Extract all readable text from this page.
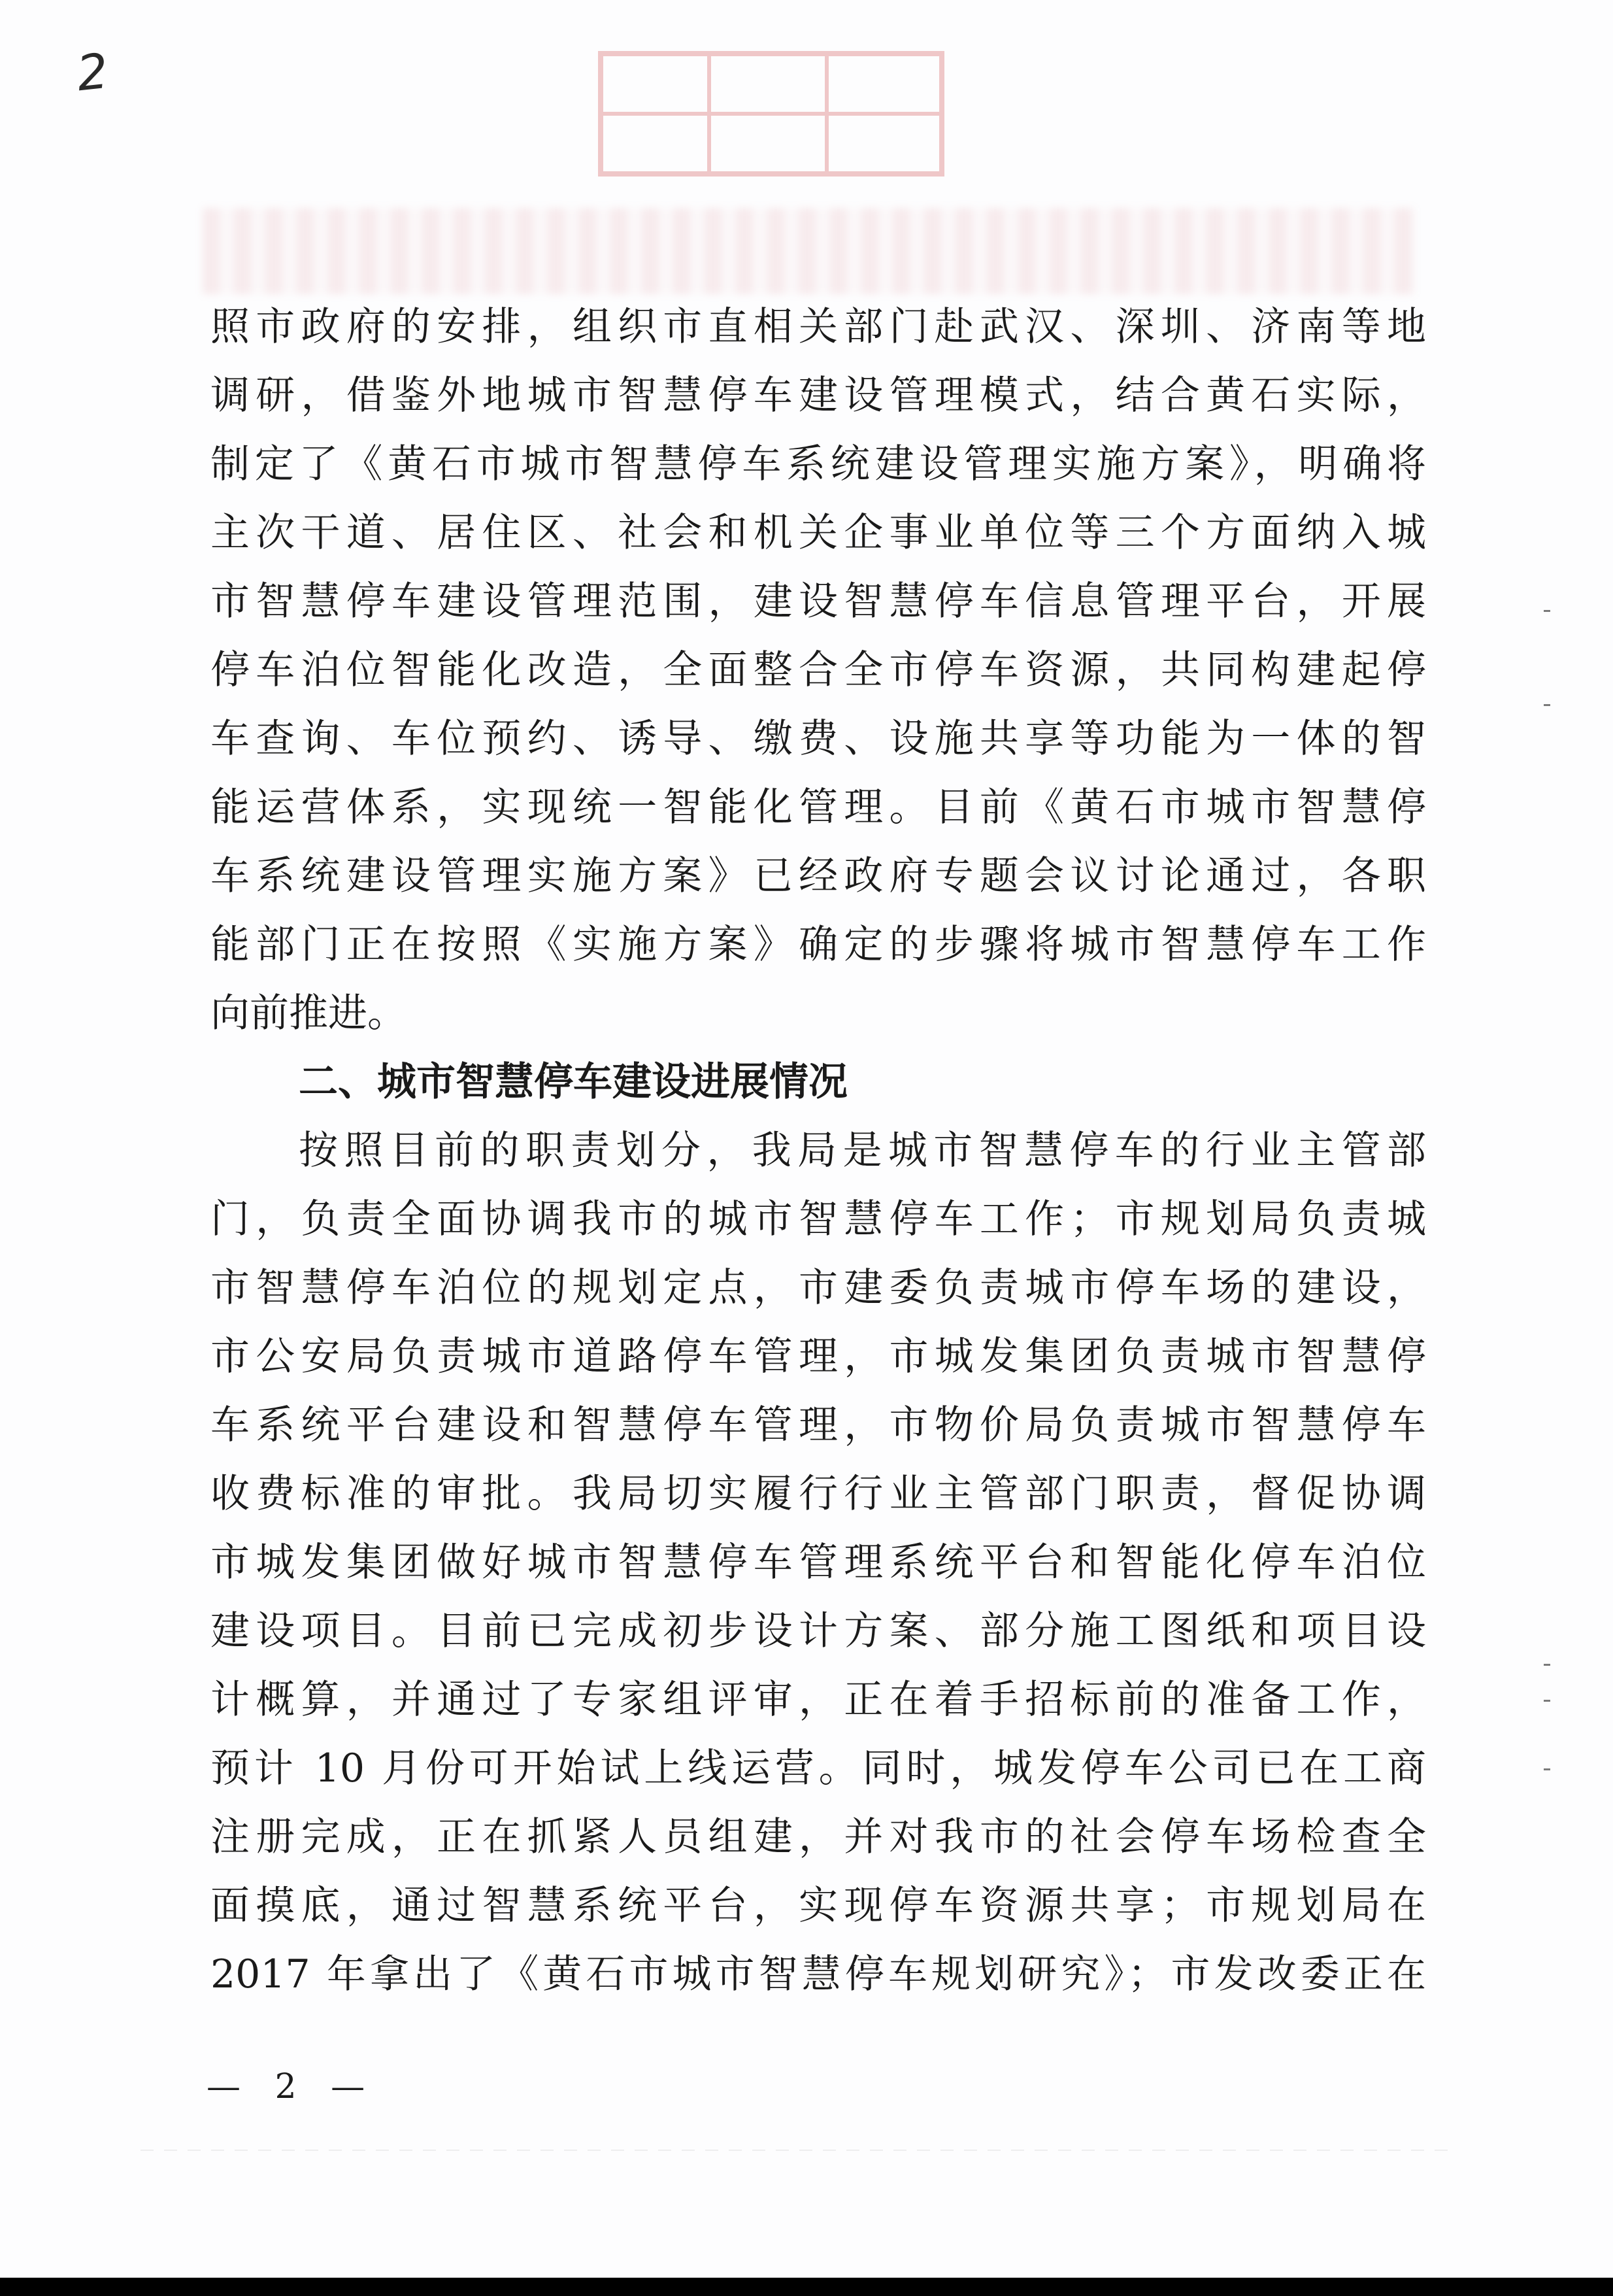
2
照市政府的安排，组织市直相关部门赴武汉、深圳、济南等地
调研，借鉴外地城市智慧停车建设管理模式，结合黄石实际，
制定了《黄石市城市智慧停车系统建设管理实施方案》，明确将
主次干道、居住区、社会和机关企事业单位等三个方面纳入城
市智慧停车建设管理范围，建设智慧停车信息管理平台，开展
停车泊位智能化改造，全面整合全市停车资源，共同构建起停
车查询、车位预约、诱导、缴费、设施共享等功能为一体的智
能运营体系，实现统一智能化管理。目前《黄石市城市智慧停
车系统建设管理实施方案》已经政府专题会议讨论通过，各职
能部门正在按照《实施方案》确定的步骤将城市智慧停车工作
向前推进。
二、城市智慧停车建设进展情况
按照目前的职责划分，我局是城市智慧停车的行业主管部
门，负责全面协调我市的城市智慧停车工作；市规划局负责城
市智慧停车泊位的规划定点，市建委负责城市停车场的建设，
市公安局负责城市道路停车管理，市城发集团负责城市智慧停
车系统平台建设和智慧停车管理，市物价局负责城市智慧停车
收费标准的审批。我局切实履行行业主管部门职责，督促协调
市城发集团做好城市智慧停车管理系统平台和智能化停车泊位
建设项目。目前已完成初步设计方案、部分施工图纸和项目设
计概算，并通过了专家组评审，正在着手招标前的准备工作，
预计 10 月份可开始试上线运营。同时，城发停车公司已在工商
注册完成，正在抓紧人员组建，并对我市的社会停车场检查全
面摸底，通过智慧系统平台，实现停车资源共享；市规划局在
2017 年拿出了《黄石市城市智慧停车规划研究》；市发改委正在
— 2 —
